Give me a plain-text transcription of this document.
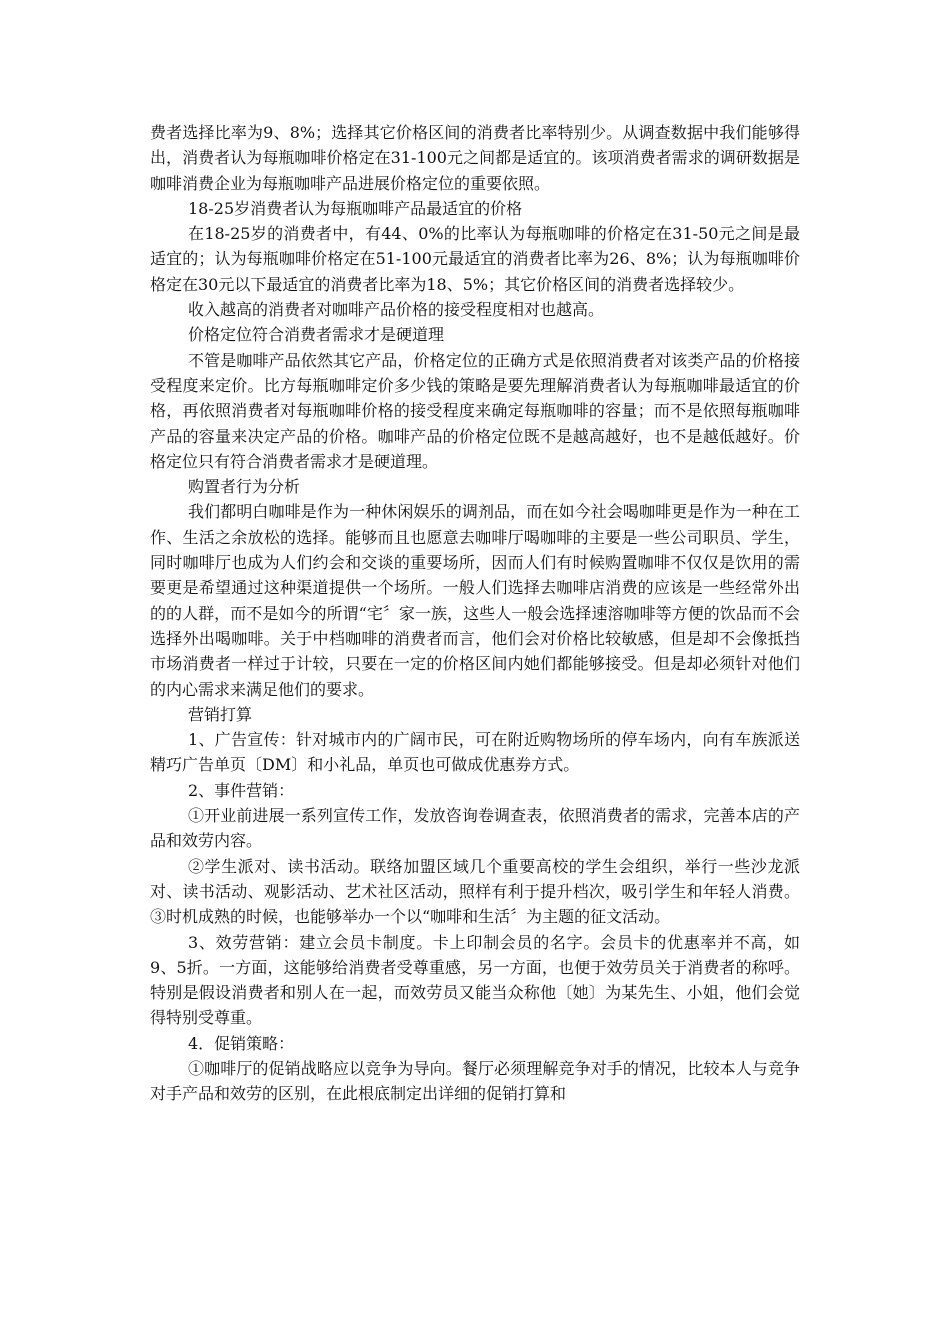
费者选择比率为9、8%；选择其它价格区间的消费者比率特别少。从调查数据中我们能够得出，消费者认为每瓶咖啡价格定在31-100元之间都是适宜的。该项消费者需求的调研数据是咖啡消费企业为每瓶咖啡产品进展价格定位的重要依照。

18-25岁消费者认为每瓶咖啡产品最适宜的价格

在18-25岁的消费者中，有44、0%的比率认为每瓶咖啡的价格定在31-50元之间是最适宜的；认为每瓶咖啡价格定在51-100元最适宜的消费者比率为26、8%；认为每瓶咖啡价格定在30元以下最适宜的消费者比率为18、5%；其它价格区间的消费者选择较少。

收入越高的消费者对咖啡产品价格的接受程度相对也越高。

价格定位符合消费者需求才是硬道理

不管是咖啡产品依然其它产品，价格定位的正确方式是依照消费者对该类产品的价格接受程度来定价。比方每瓶咖啡定价多少钱的策略是要先理解消费者认为每瓶咖啡最适宜的价格，再依照消费者对每瓶咖啡价格的接受程度来确定每瓶咖啡的容量；而不是依照每瓶咖啡产品的容量来决定产品的价格。咖啡产品的价格定位既不是越高越好，也不是越低越好。价格定位只有符合消费者需求才是硬道理。

购置者行为分析

我们都明白咖啡是作为一种休闲娱乐的调剂品，而在如今社会喝咖啡更是作为一种在工作、生活之余放松的选择。能够而且也愿意去咖啡厅喝咖啡的主要是一些公司职员、学生，同时咖啡厅也成为人们约会和交谈的重要场所，因而人们有时候购置咖啡不仅仅是饮用的需要更是希望通过这种渠道提供一个场所。一般人们选择去咖啡店消费的应该是一些经常外出的的人群，而不是如今的所谓“宅〞家一族，这些人一般会选择速溶咖啡等方便的饮品而不会选择外出喝咖啡。关于中档咖啡的消费者而言，他们会对价格比较敏感，但是却不会像抵挡市场消费者一样过于计较，只要在一定的价格区间内她们都能够接受。但是却必须针对他们的内心需求来满足他们的要求。

营销打算

1、广告宣传：针对城市内的广阔市民，可在附近购物场所的停车场内，向有车族派送精巧广告单页〔DM〕和小礼品，单页也可做成优惠券方式。

2、事件营销：

①开业前进展一系列宣传工作，发放咨询卷调查表，依照消费者的需求，完善本店的产品和效劳内容。

②学生派对、读书活动。联络加盟区域几个重要高校的学生会组织，举行一些沙龙派对、读书活动、观影活动、艺术社区活动，照样有利于提升档次，吸引学生和年轻人消费。③时机成熟的时候，也能够举办一个以“咖啡和生活〞为主题的征文活动。

3、效劳营销：建立会员卡制度。卡上印制会员的名字。会员卡的优惠率并不高，如9、5折。一方面，这能够给消费者受尊重感，另一方面，也便于效劳员关于消费者的称呼。特别是假设消费者和别人在一起，而效劳员又能当众称他〔她〕为某先生、小姐，他们会觉得特别受尊重。

4．促销策略：

①咖啡厅的促销战略应以竞争为导向。餐厅必须理解竞争对手的情况，比较本人与竞争对手产品和效劳的区别，在此根底制定出详细的促销打算和
